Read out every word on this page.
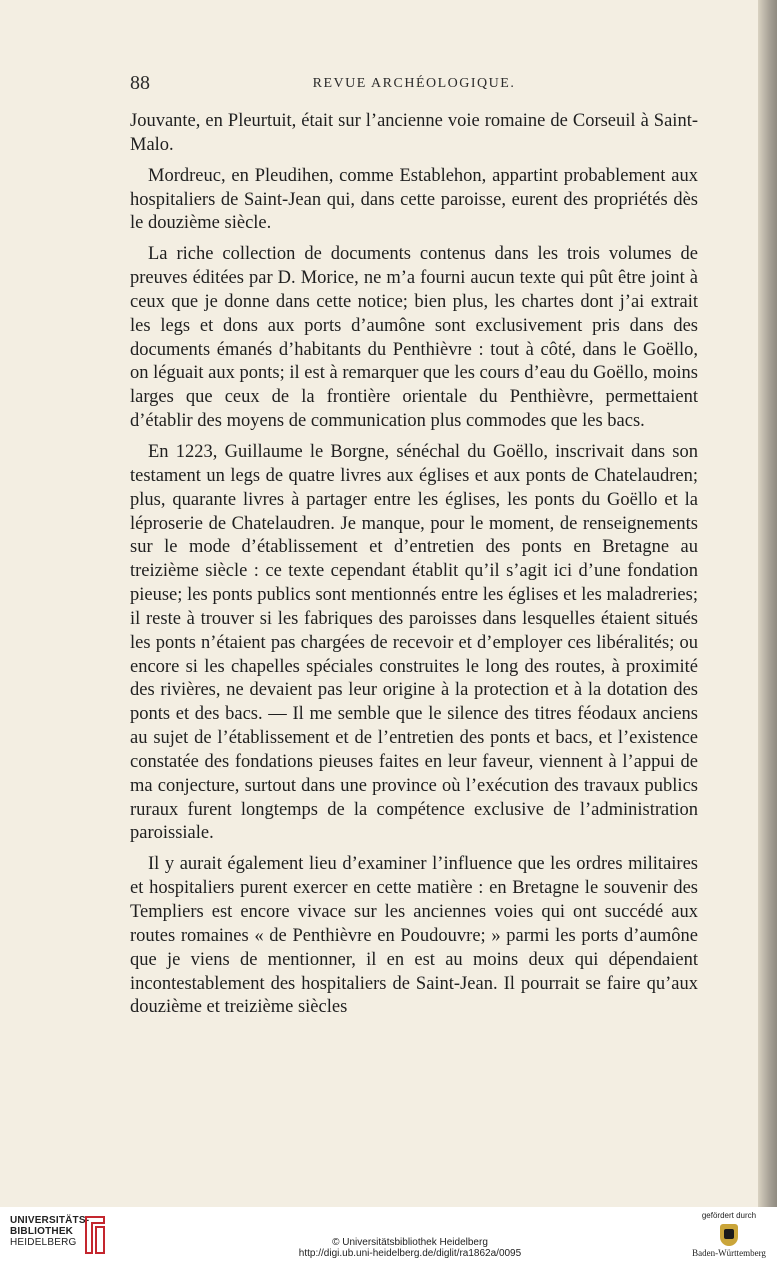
88	REVUE ARCHÉOLOGIQUE.

Jouvante, en Pleurtuit, était sur l’ancienne voie romaine de Corseuil à Saint-Malo.

Mordreuc, en Pleudihen, comme Establehon, appartint probablement aux hospitaliers de Saint-Jean qui, dans cette paroisse, eurent des propriétés dès le douzième siècle.

La riche collection de documents contenus dans les trois volumes de preuves éditées par D. Morice, ne m’a fourni aucun texte qui pût être joint à ceux que je donne dans cette notice; bien plus, les chartes dont j’ai extrait les legs et dons aux ports d’aumône sont exclusivement pris dans des documents émanés d’habitants du Penthièvre : tout à côté, dans le Goëllo, on léguait aux ponts; il est à remarquer que les cours d’eau du Goëllo, moins larges que ceux de la frontière orientale du Penthièvre, permettaient d’établir des moyens de communication plus commodes que les bacs.

En 1223, Guillaume le Borgne, sénéchal du Goëllo, inscrivait dans son testament un legs de quatre livres aux églises et aux ponts de Chatelaudren; plus, quarante livres à partager entre les églises, les ponts du Goëllo et la léproserie de Chatelaudren. Je manque, pour le moment, de renseignements sur le mode d’établissement et d’entretien des ponts en Bretagne au treizième siècle : ce texte cependant établit qu’il s’agit ici d’une fondation pieuse; les ponts publics sont mentionnés entre les églises et les maladreries; il reste à trouver si les fabriques des paroisses dans lesquelles étaient situés les ponts n’étaient pas chargées de recevoir et d’employer ces libéralités; ou encore si les chapelles spéciales construites le long des routes, à proximité des rivières, ne devaient pas leur origine à la protection et à la dotation des ponts et des bacs. — Il me semble que le silence des titres féodaux anciens au sujet de l’établissement et de l’entretien des ponts et bacs, et l’existence constatée des fondations pieuses faites en leur faveur, viennent à l’appui de ma conjecture, surtout dans une province où l’exécution des travaux publics ruraux furent longtemps de la compétence exclusive de l’administration paroissiale.

Il y aurait également lieu d’examiner l’influence que les ordres militaires et hospitaliers purent exercer en cette matière : en Bretagne le souvenir des Templiers est encore vivace sur les anciennes voies qui ont succédé aux routes romaines « de Penthièvre en Poudouvre; » parmi les ports d’aumône que je viens de mentionner, il en est au moins deux qui dépendaient incontestablement des hospitaliers de Saint-Jean. Il pourrait se faire qu’aux douzième et treizième siècles

UNIVERSITÄTS-
BIBLIOTHEK
HEIDELBERG	© Universitätsbibliothek Heidelberg
http://digi.ub.uni-heidelberg.de/diglit/ra1862a/0095
gefördert durch
Baden-Württemberg
